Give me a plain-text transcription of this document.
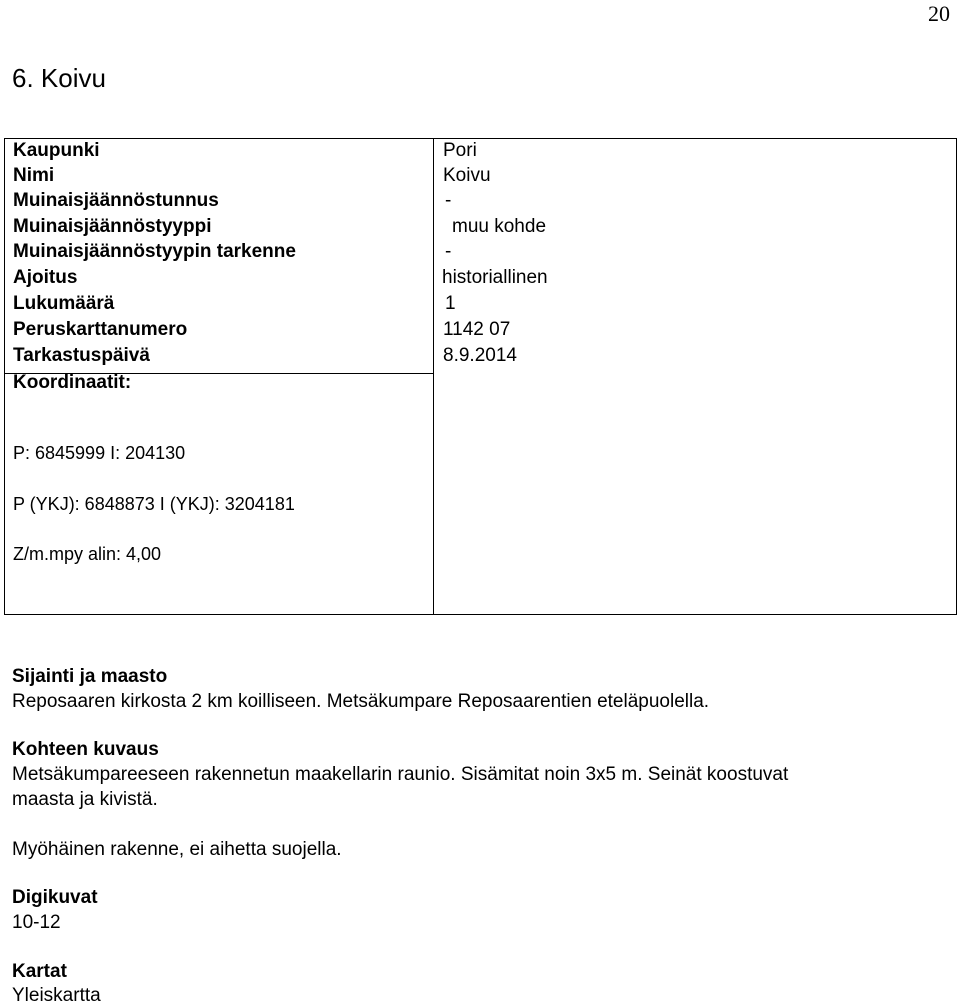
20
6. Koivu
Kaupunki	Pori
Nimi	Koivu
Muinaisjäännöstunnus	-
Muinaisjäännöstyyppi	muu kohde
Muinaisjäännöstyypin tarkenne	-
Ajoitus	historiallinen
Lukumäärä	1
Peruskarttanumero	1142 07
Tarkastuspäivä	8.9.2014
Koordinaatit:
P: 6845999 I: 204130
P (YKJ): 6848873 I (YKJ): 3204181
Z/m.mpy alin: 4,00
Sijainti ja maasto
Reposaaren kirkosta 2 km koilliseen. Metsäkumpare Reposaarentien eteläpuolella.
Kohteen kuvaus
Metsäkumpareeseen rakennetun maakellarin raunio. Sisämitat noin 3x5 m. Seinät koostuvat
maasta ja kivistä.
Myöhäinen rakenne, ei aihetta suojella.
Digikuvat
10-12
Kartat
Yleiskartta
